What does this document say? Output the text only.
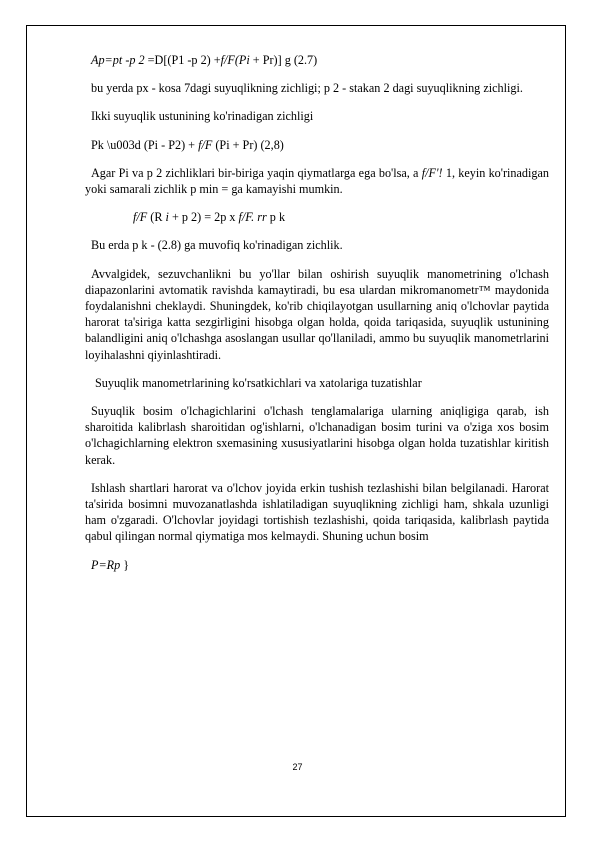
Ap=pt -p 2 =D[(P1 -p 2) +f/F(Pi + Pr)] g (2.7)

bu yerda px - kosa 7dagi suyuqlikning zichligi; p 2 - stakan 2 dagi suyuqlikning zichligi.

Ikki suyuqlik ustunining ko'rinadigan zichligi

Pk \u003d (Pi - P2) + f/F (Pi + Pr) (2,8)

Agar Pi va p 2 zichliklari bir-biriga yaqin qiymatlarga ega bo'lsa, a f/F'! 1, keyin ko'rinadigan yoki samarali zichlik p min = ga kamayishi mumkin.

f/F (R i + p 2) = 2p x f/F. rr p k

Bu erda p k - (2.8) ga muvofiq ko'rinadigan zichlik.

Avvalgidek, sezuvchanlikni bu yo'llar bilan oshirish suyuqlik manometrining o'lchash diapazonlarini avtomatik ravishda kamaytiradi, bu esa ulardan mikromanometr™ maydonida foydalanishni cheklaydi. Shuningdek, ko'rib chiqilayotgan usullarning aniq o'lchovlar paytida harorat ta'siriga katta sezgirligini hisobga olgan holda, qoida tariqasida, suyuqlik ustunining balandligini aniq o'lchashga asoslangan usullar qo'llaniladi, ammo bu suyuqlik manometrlarini loyihalashni qiyinlashtiradi.

Suyuqlik manometrlarining ko'rsatkichlari va xatolariga tuzatishlar

Suyuqlik bosim o'lchagichlarini o'lchash tenglamalariga ularning aniqligiga qarab, ish sharoitida kalibrlash sharoitidan og'ishlarni, o'lchanadigan bosim turini va o'ziga xos bosim o'lchagichlarning elektron sxemasining xususiyatlarini hisobga olgan holda tuzatishlar kiritish kerak.

Ishlash shartlari harorat va o'lchov joyida erkin tushish tezlashishi bilan belgilanadi. Harorat ta'sirida bosimni muvozanatlashda ishlatiladigan suyuqlikning zichligi ham, shkala uzunligi ham o'zgaradi. O'lchovlar joyidagi tortishish tezlashishi, qoida tariqasida, kalibrlash paytida qabul qilingan normal qiymatiga mos kelmaydi. Shuning uchun bosim

P=Rp }

27
